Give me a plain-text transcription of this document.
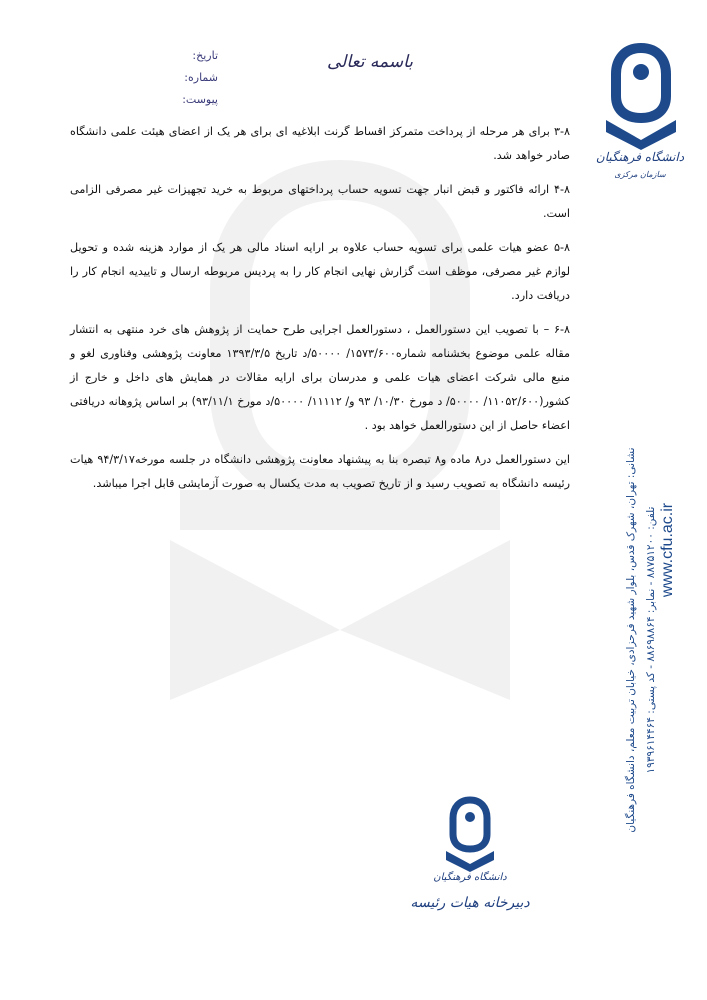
تاریخ:
شماره:
پیوست:
باسمه تعالی

۳-۸ برای هر مرحله از پرداخت متمرکز اقساط گرنت ابلاغیه ای برای هر یک از اعضای هیئت علمی دانشگاه صادر خواهد شد.

۴-۸ ارائه فاکتور و قبض انبار جهت تسویه حساب پرداختهای مربوط به خرید تجهیزات غیر مصرفی الزامی است.

۵-۸ عضو هیات علمی برای تسویه حساب علاوه بر ارایه اسناد مالی هر یک از موارد هزینه شده و تحویل لوازم غیر مصرفی، موظف است گزارش نهایی انجام کار را به پردیس مربوطه ارسال و تاییدیه انجام کار را دریافت دارد.

۶-۸ – با تصویب این دستورالعمل ، دستورالعمل اجرایی طرح حمایت از پژوهش های خرد منتهی به انتشار مقاله علمی موضوع بخشنامه شماره۱۵۷۳/۶۰۰/ ۵۰۰۰۰/د تاریخ ۱۳۹۳/۳/۵ معاونت پژوهشی وفناوری لغو و منبع مالی شرکت اعضای هیات علمی و مدرسان برای ارایه مقالات در همایش های داخل و خارج از کشور(۱۱۰۵۲/۶۰۰/ ۵۰۰۰۰/ د مورخ ۱۰/۳۰/ ۹۳ و/ ۱۱۱۱۲/ ۵۰۰۰۰/د مورخ ۹۳/۱۱/۱) بر اساس پژوهانه دریافتی اعضاء حاصل از این دستورالعمل خواهد بود .

این دستورالعمل در۸ ماده و۸ تبصره بنا به پیشنهاد معاونت پژوهشی دانشگاه در جلسه مورخه۹۴/۳/۱۷ هیات رئیسه دانشگاه به تصویب رسید و از تاریخ تصویب به مدت یکسال به صورت آزمایشی قابل اجرا میباشد.

دانشگاه فرهنگیان
سازمان مرکزی
نشانی: تهران، شهرک قدس، بلوار شهید فرحزادی، خیابان تربیت معلم، دانشگاه فرهنگیان تلفن: ۸۸۷۵۱۲۰۰ - نمابر: ۸۸۶۹۸۸۶۴ - کد پستی: ۱۹۳۹۶۱۴۴۶۴ www.cfu.ac.ir
دانشگاه فرهنگیان
دبیرخانه هیات رئیسه
